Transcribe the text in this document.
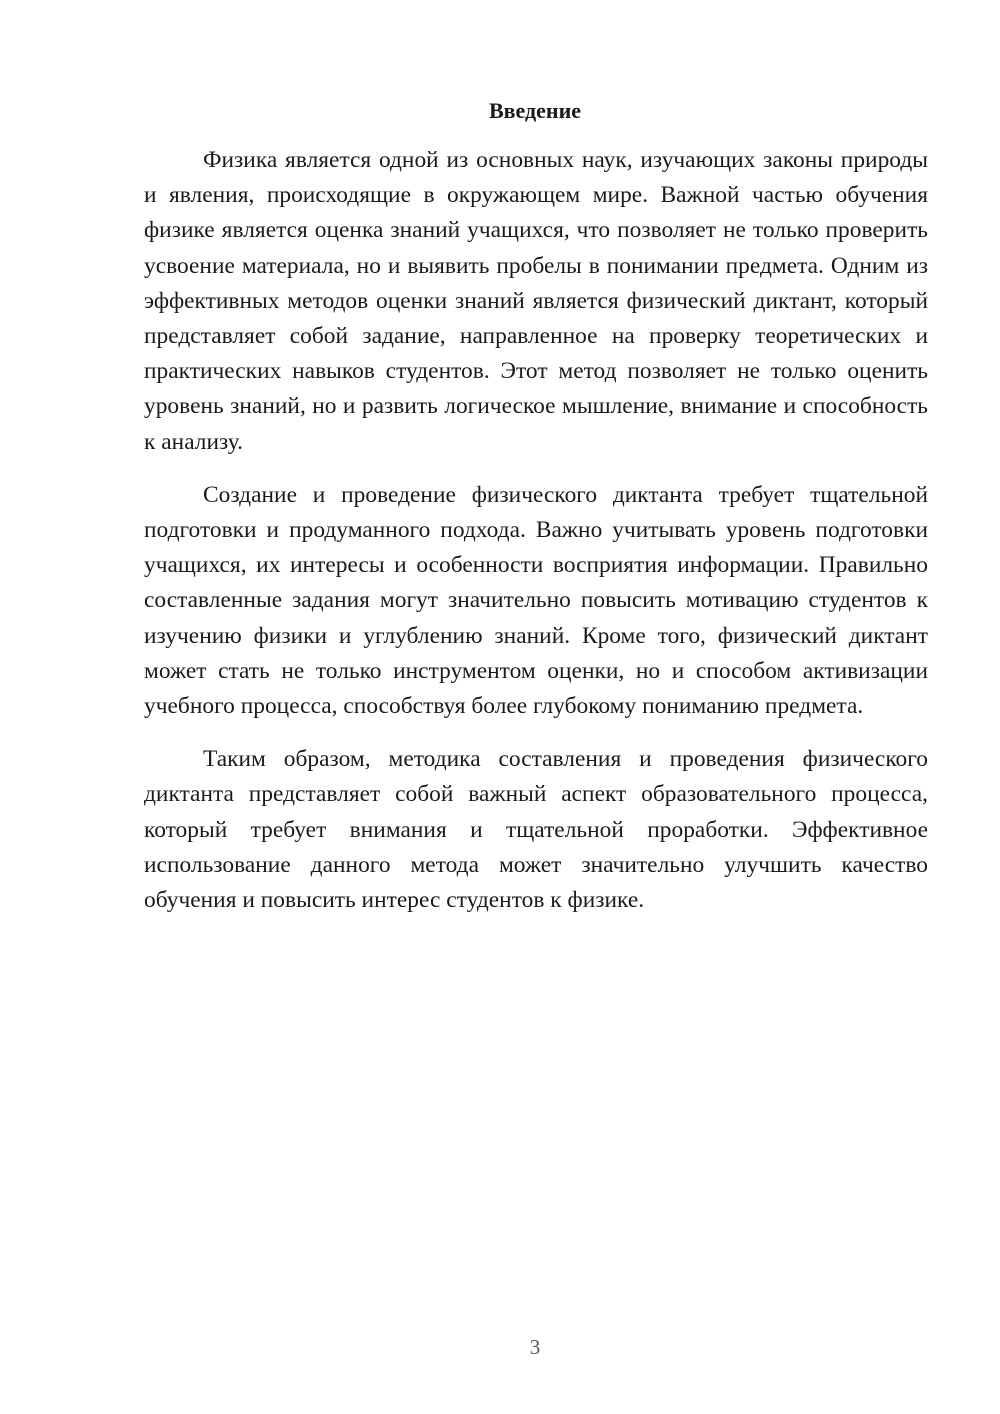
Введение

Физика является одной из основных наук, изучающих законы природы и явления, происходящие в окружающем мире. Важной частью обучения физике является оценка знаний учащихся, что позволяет не только проверить усвоение материала, но и выявить пробелы в понимании предмета. Одним из эффективных методов оценки знаний является физический диктант, который представляет собой задание, направленное на проверку теоретических и практических навыков студентов. Этот метод позволяет не только оценить уровень знаний, но и развить логическое мышление, внимание и способность к анализу.

Создание и проведение физического диктанта требует тщательной подготовки и продуманного подхода. Важно учитывать уровень подготовки учащихся, их интересы и особенности восприятия информации. Правильно составленные задания могут значительно повысить мотивацию студентов к изучению физики и углублению знаний. Кроме того, физический диктант может стать не только инструментом оценки, но и способом активизации учебного процесса, способствуя более глубокому пониманию предмета.

Таким образом, методика составления и проведения физического диктанта представляет собой важный аспект образовательного процесса, который требует внимания и тщательной проработки. Эффективное использование данного метода может значительно улучшить качество обучения и повысить интерес студентов к физике.

3
